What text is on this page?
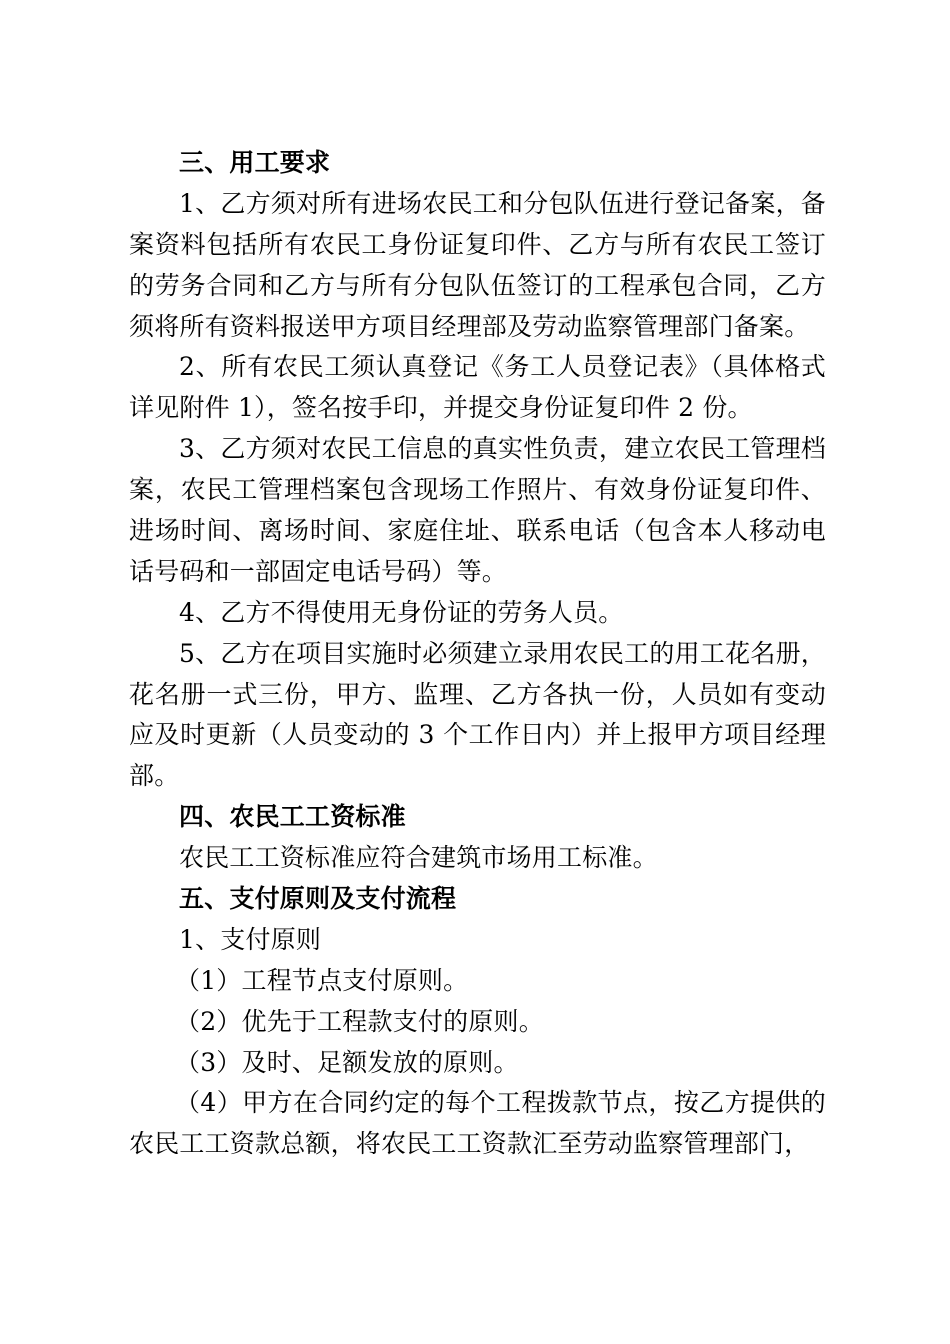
三、用工要求
1、乙方须对所有进场农民工和分包队伍进行登记备案，备
案资料包括所有农民工身份证复印件、乙方与所有农民工签订
的劳务合同和乙方与所有分包队伍签订的工程承包合同，乙方
须将所有资料报送甲方项目经理部及劳动监察管理部门备案。
2、所有农民工须认真登记《务工人员登记表》（具体格式
详见附件 1），签名按手印，并提交身份证复印件 2 份。
3、乙方须对农民工信息的真实性负责，建立农民工管理档
案，农民工管理档案包含现场工作照片、有效身份证复印件、
进场时间、离场时间、家庭住址、联系电话（包含本人移动电
话号码和一部固定电话号码）等。
4、乙方不得使用无身份证的劳务人员。
5、乙方在项目实施时必须建立录用农民工的用工花名册，
花名册一式三份，甲方、监理、乙方各执一份，人员如有变动
应及时更新（人员变动的 3 个工作日内）并上报甲方项目经理
部。
四、农民工工资标准
农民工工资标准应符合建筑市场用工标准。
五、支付原则及支付流程
1、支付原则
（1）工程节点支付原则。
（2）优先于工程款支付的原则。
（3）及时、足额发放的原则。
（4）甲方在合同约定的每个工程拨款节点，按乙方提供的
农民工工资款总额，将农民工工资款汇至劳动监察管理部门，
